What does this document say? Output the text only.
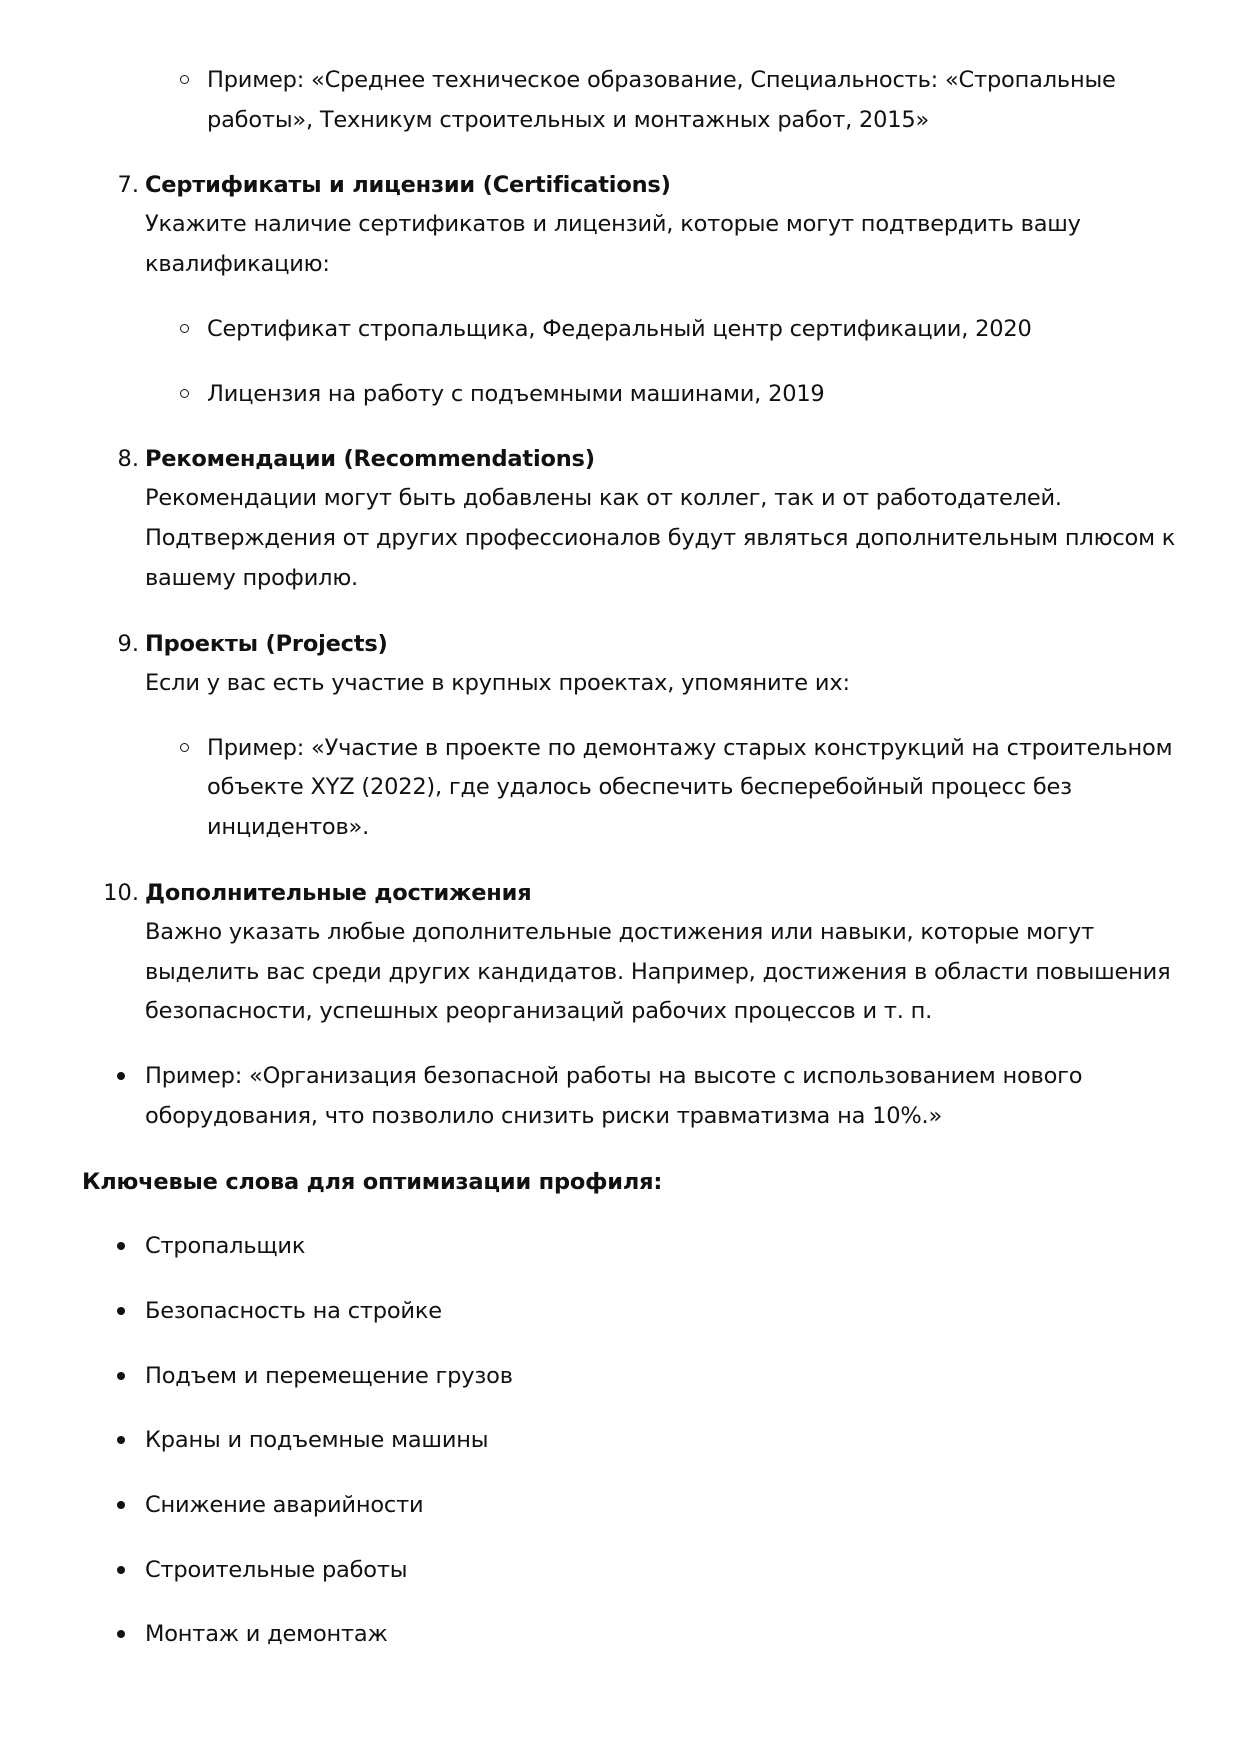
Пример: «Среднее техническое образование, Специальность: «Стропальные
работы», Техникум строительных и монтажных работ, 2015»
7. Сертификаты и лицензии (Certifications)
Укажите наличие сертификатов и лицензий, которые могут подтвердить вашу
квалификацию:
Сертификат стропальщика, Федеральный центр сертификации, 2020
Лицензия на работу с подъемными машинами, 2019
8. Рекомендации (Recommendations)
Рекомендации могут быть добавлены как от коллег, так и от работодателей.
Подтверждения от других профессионалов будут являться дополнительным плюсом к
вашему профилю.
9. Проекты (Projects)
Если у вас есть участие в крупных проектах, упомяните их:
Пример: «Участие в проекте по демонтажу старых конструкций на строительном
объекте XYZ (2022), где удалось обеспечить бесперебойный процесс без
инцидентов».
10. Дополнительные достижения
Важно указать любые дополнительные достижения или навыки, которые могут
выделить вас среди других кандидатов. Например, достижения в области повышения
безопасности, успешных реорганизаций рабочих процессов и т. п.
Пример: «Организация безопасной работы на высоте с использованием нового
оборудования, что позволило снизить риски травматизма на 10%.»
Ключевые слова для оптимизации профиля:
Стропальщик
Безопасность на стройке
Подъем и перемещение грузов
Краны и подъемные машины
Снижение аварийности
Строительные работы
Монтаж и демонтаж
